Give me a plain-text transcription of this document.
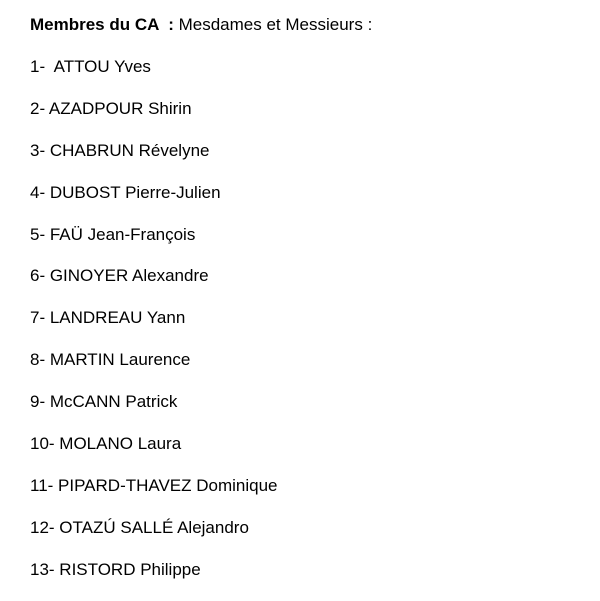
Membres du CA  : Mesdames et Messieurs :
1-  ATTOU Yves
2- AZADPOUR Shirin
3- CHABRUN Révelyne
4- DUBOST Pierre-Julien
5- FAÜ Jean-François
6- GINOYER Alexandre
7- LANDREAU Yann
8- MARTIN Laurence
9- McCANN Patrick
10- MOLANO Laura
11- PIPARD-THAVEZ Dominique
12- OTAZÚ SALLÉ Alejandro
13- RISTORD Philippe
